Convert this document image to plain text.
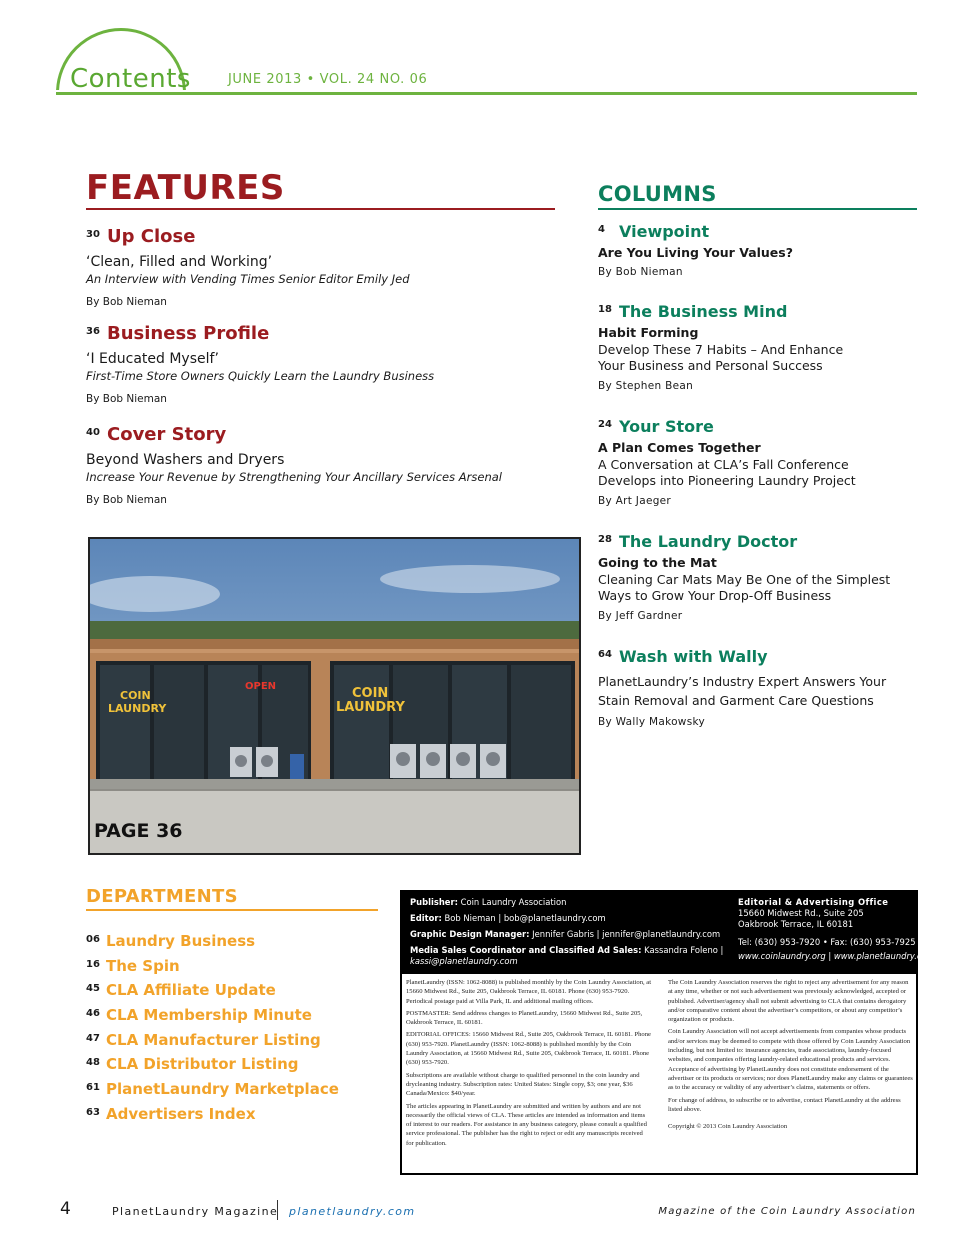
Contents	JUNE 2013 • VOL. 24 NO. 06
FEATURES
30 Up Close
‘Clean, Filled and Working’
An Interview with Vending Times Senior Editor Emily Jed
By Bob Nieman
36 Business Profile
‘I Educated Myself’
First-Time Store Owners Quickly Learn the Laundry Business
By Bob Nieman
40 Cover Story
Beyond Washers and Dryers
Increase Your Revenue by Strengthening Your Ancillary Services Arsenal
By Bob Nieman
COIN
LAUNDRY
COIN
LAUNDRY
OPEN
PAGE 36
COLUMNS
4 Viewpoint
Are You Living Your Values?
By Bob Nieman
18 The Business Mind
Habit Forming
Develop These 7 Habits – And Enhance
Your Business and Personal Success
By Stephen Bean
24 Your Store
A Plan Comes Together
A Conversation at CLA’s Fall Conference
Develops into Pioneering Laundry Project
By Art Jaeger
28 The Laundry Doctor
Going to the Mat
Cleaning Car Mats May Be One of the Simplest
Ways to Grow Your Drop-Off Business
By Jeff Gardner
64 Wash with Wally
PlanetLaundry’s Industry Expert Answers Your
Stain Removal and Garment Care Questions
By Wally Makowsky
DEPARTMENTS
06 Laundry Business
16 The Spin
45 CLA Affiliate Update
46 CLA Membership Minute
47 CLA Manufacturer Listing
48 CLA Distributor Listing
61 PlanetLaundry Marketplace
63 Advertisers Index
Publisher: Coin Laundry Association
Editor: Bob Nieman | bob@planetlaundry.com
Graphic Design Manager: Jennifer Gabris | jennifer@planetlaundry.com
Media Sales Coordinator and Classified Ad Sales: Kassandra Foleno |
kassi@planetlaundry.com
Editorial & Advertising Office
15660 Midwest Rd., Suite 205
Oakbrook Terrace, IL 60181
Tel: (630) 953-7920 • Fax: (630) 953-7925
www.coinlaundry.org | www.planetlaundry.com

PlanetLaundry (ISSN: 1062-8088) is published monthly by the Coin Laundry Association, at 15660 Midwest Rd., Suite 205, Oakbrook Terrace, IL 60181. Phone (630) 953-7920. Periodical postage paid at Villa Park, IL and additional mailing offices.

POSTMASTER: Send address changes to PlanetLaundry, 15660 Midwest Rd., Suite 205, Oakbrook Terrace, IL 60181.

EDITORIAL OFFICES: 15660 Midwest Rd., Suite 205, Oakbrook Terrace, IL 60181. Phone (630) 953-7920. PlanetLaundry (ISSN: 1062-8088) is published monthly by the Coin Laundry Association, at 15660 Midwest Rd., Suite 205, Oakbrook Terrace, IL 60181. Phone (630) 953-7920.

Subscriptions are available without charge to qualified personnel in the coin laundry and drycleaning industry. Subscription rates: United States: Single copy, $3; one year, $36 Canada/Mexico: $40/year.

The articles appearing in PlanetLaundry are submitted and written by authors and are not necessarily the official views of CLA. These articles are intended as information and items of interest to our readers. For assistance in any business category, please consult a qualified service professional. The publisher has the right to reject or edit any manuscripts received for publication.

The Coin Laundry Association reserves the right to reject any advertisement for any reason at any time, whether or not such advertisement was previously acknowledged, accepted or published. Advertiser/agency shall not submit advertising to CLA that contains derogatory and/or comparative content about the advertiser’s competitors, or about any competitor’s organization or products.

Coin Laundry Association will not accept advertisements from companies whose products and/or services may be deemed to compete with those offered by Coin Laundry Association including, but not limited to: insurance agencies, trade associations, laundry-focused websites, and companies offering laundry-related educational products and services. Acceptance of advertising by PlanetLaundry does not constitute endorsement of the advertiser or its products or services; nor does PlanetLaundry make any claims or guarantees as to the accuracy or validity of any advertiser’s claims, statements or offers.

For change of address, to subscribe or to advertise, contact PlanetLaundry at the address listed above.

Copyright © 2013 Coin Laundry Association

4	PlanetLaundry Magazine planetlaundry.com	Magazine of the Coin Laundry Association
